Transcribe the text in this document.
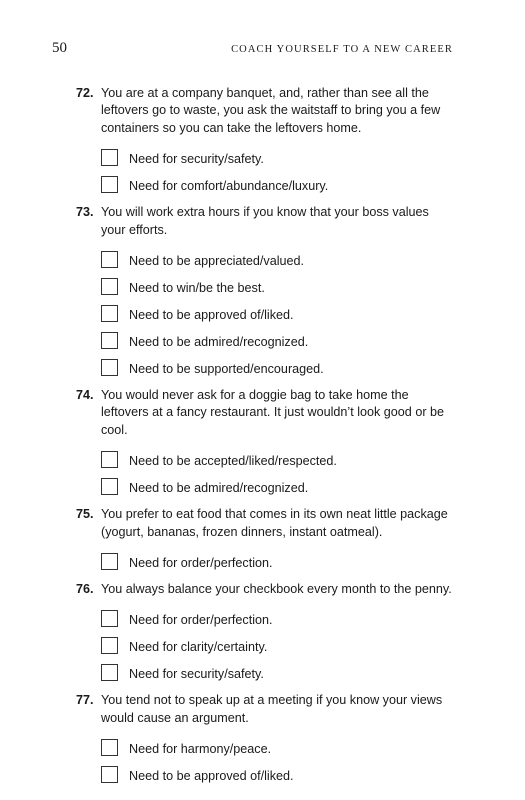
50	COACH YOURSELF TO A NEW CAREER
72. You are at a company banquet, and, rather than see all the leftovers go to waste, you ask the waitstaff to bring you a few containers so you can take the leftovers home.
Need for security/safety.
Need for comfort/abundance/luxury.
73. You will work extra hours if you know that your boss values your efforts.
Need to be appreciated/valued.
Need to win/be the best.
Need to be approved of/liked.
Need to be admired/recognized.
Need to be supported/encouraged.
74. You would never ask for a doggie bag to take home the leftovers at a fancy restaurant. It just wouldn’t look good or be cool.
Need to be accepted/liked/respected.
Need to be admired/recognized.
75. You prefer to eat food that comes in its own neat little package (yogurt, bananas, frozen dinners, instant oatmeal).
Need for order/perfection.
76. You always balance your checkbook every month to the penny.
Need for order/perfection.
Need for clarity/certainty.
Need for security/safety.
77. You tend not to speak up at a meeting if you know your views would cause an argument.
Need for harmony/peace.
Need to be approved of/liked.
